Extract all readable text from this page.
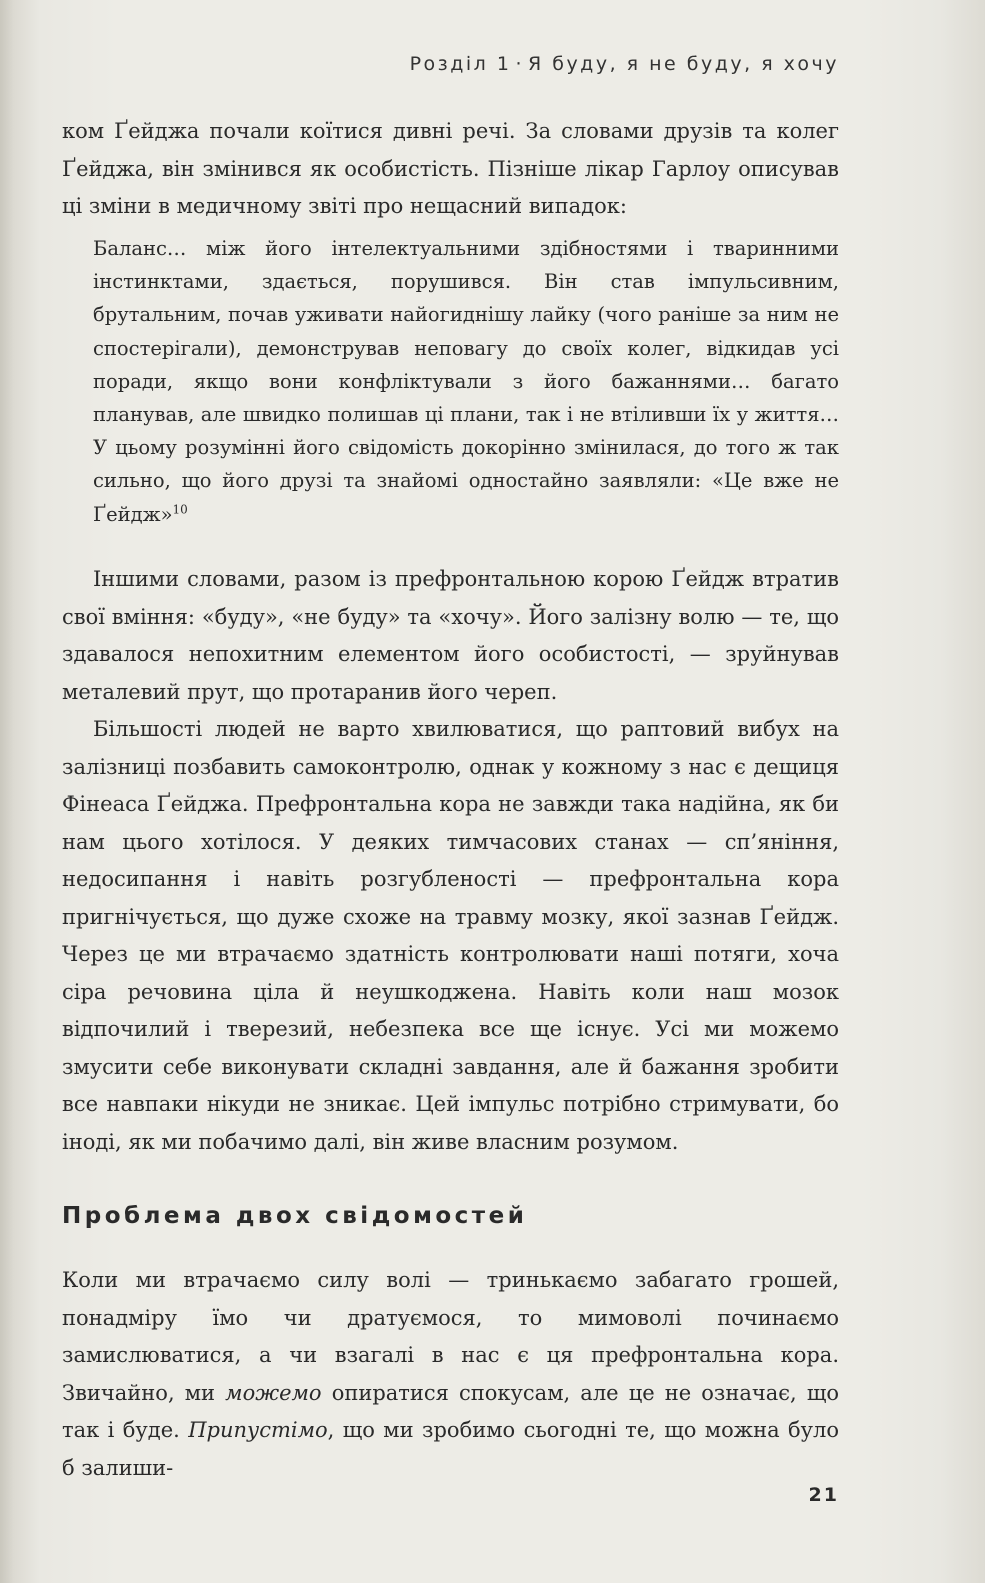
Розділ 1 · Я буду, я не буду, я хочу

ком Ґейджа почали коїтися дивні речі. За словами друзів та колег Ґейджа, він змінився як особистість. Пізніше лікар Гарлоу описував ці зміни в медичному звіті про нещасний випадок:

Баланс… між його інтелектуальними здібностями і тваринними інстинктами, здається, порушився. Він став імпульсивним, брутальним, почав уживати найогиднішу лайку (чого раніше за ним не спостерігали), демонстрував неповагу до своїх колег, відкидав усі поради, якщо вони конфліктували з його бажаннями… багато планував, але швидко полишав ці плани, так і не втіливши їх у життя… У цьому розумінні його свідомість докорінно змінилася, до того ж так сильно, що його друзі та знайомі одностайно заявляли: «Це вже не Ґейдж»$^{10}$

Іншими словами, разом із префронтальною корою Ґейдж втратив свої вміння: «буду», «не буду» та «хочу». Його залізну волю — те, що здавалося непохитним елементом його особистості, — зруйнував металевий прут, що протаранив його череп.

Більшості людей не варто хвилюватися, що раптовий вибух на залізниці позбавить самоконтролю, однак у кожному з нас є дещиця Фінеаса Ґейджа. Префронтальна кора не завжди така надійна, як би нам цього хотілося. У деяких тимчасових станах — сп’яніння, недосипання і навіть розгубленості — префронтальна кора пригнічується, що дуже схоже на травму мозку, якої зазнав Ґейдж. Через це ми втрачаємо здатність контролювати наші потяги, хоча сіра речовина ціла й неушкоджена. Навіть коли наш мозок відпочилий і тверезий, небезпека все ще існує. Усі ми можемо змусити себе виконувати складні завдання, але й бажання зробити все навпаки нікуди не зникає. Цей імпульс потрібно стримувати, бо іноді, як ми побачимо далі, він живе власним розумом.

Проблема двох свідомостей

Коли ми втрачаємо силу волі — тринькаємо забагато грошей, понадміру їмо чи дратуємося, то мимоволі починаємо замислюватися, а чи взагалі в нас є ця префронтальна кора. Звичайно, ми можемо опиратися спокусам, але це не означає, що так і буде. Припустімо, що ми зробимо сьогодні те, що можна було б залиши-

21
